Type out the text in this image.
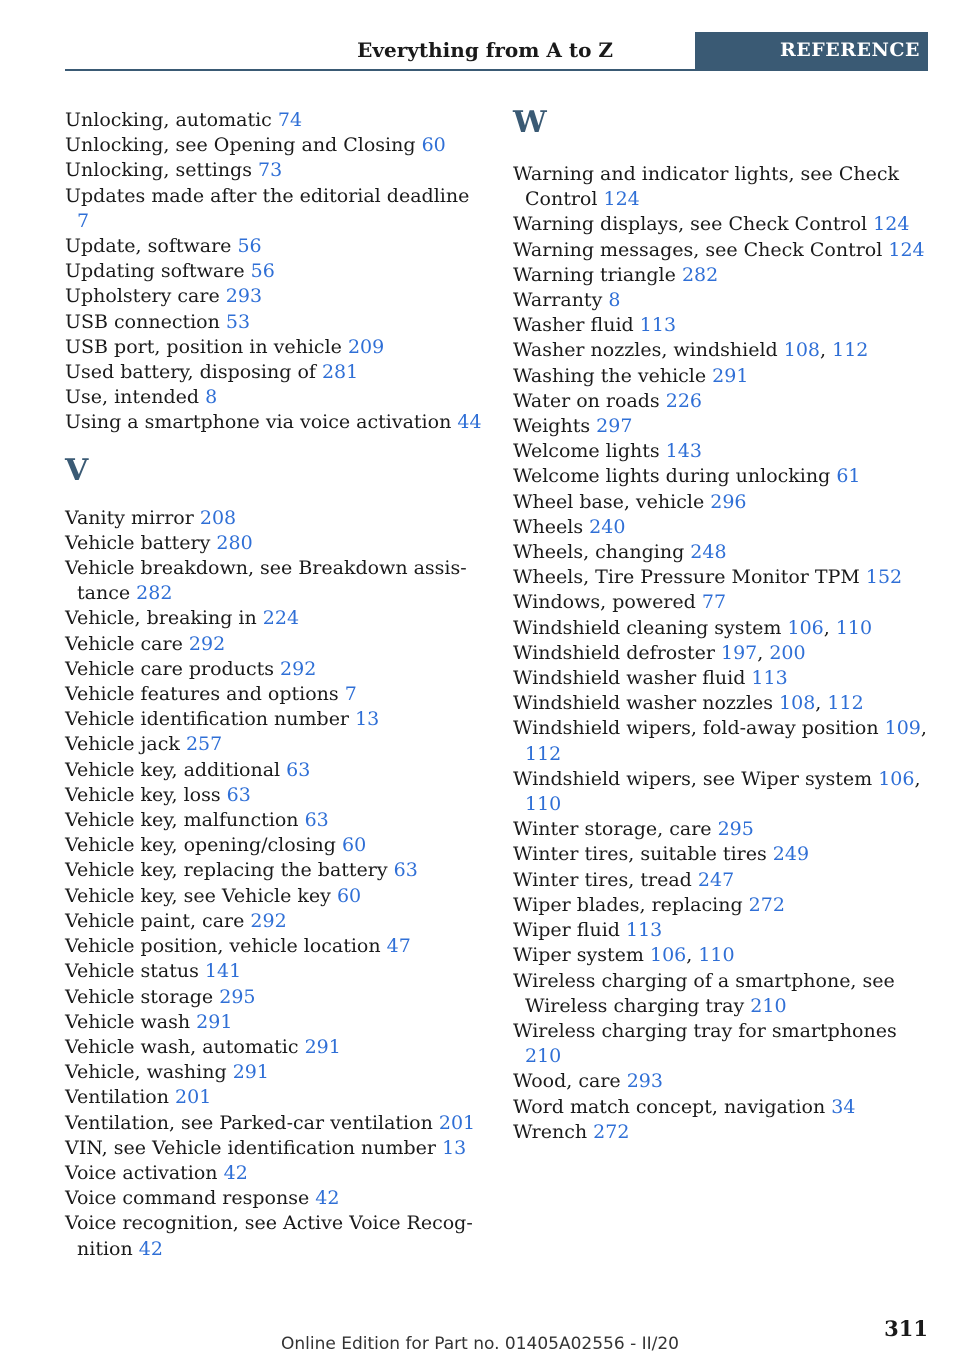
Everything from A to Z	REFERENCE
Unlocking, automatic 74
Unlocking, see Opening and Closing 60
Unlocking, settings 73
Updates made after the editorial deadline 7
Update, software 56
Updating software 56
Upholstery care 293
USB connection 53
USB port, position in vehicle 209
Used battery, disposing of 281
Use, intended 8
Using a smartphone via voice activation 44
V
Vanity mirror 208
Vehicle battery 280
Vehicle breakdown, see Breakdown assistance 282
Vehicle, breaking in 224
Vehicle care 292
Vehicle care products 292
Vehicle features and options 7
Vehicle identification number 13
Vehicle jack 257
Vehicle key, additional 63
Vehicle key, loss 63
Vehicle key, malfunction 63
Vehicle key, opening/closing 60
Vehicle key, replacing the battery 63
Vehicle key, see Vehicle key 60
Vehicle paint, care 292
Vehicle position, vehicle location 47
Vehicle status 141
Vehicle storage 295
Vehicle wash 291
Vehicle wash, automatic 291
Vehicle, washing 291
Ventilation 201
Ventilation, see Parked-car ventilation 201
VIN, see Vehicle identification number 13
Voice activation 42
Voice command response 42
Voice recognition, see Active Voice Recognition 42
W
Warning and indicator lights, see Check Control 124
Warning displays, see Check Control 124
Warning messages, see Check Control 124
Warning triangle 282
Warranty 8
Washer fluid 113
Washer nozzles, windshield 108, 112
Washing the vehicle 291
Water on roads 226
Weights 297
Welcome lights 143
Welcome lights during unlocking 61
Wheel base, vehicle 296
Wheels 240
Wheels, changing 248
Wheels, Tire Pressure Monitor TPM 152
Windows, powered 77
Windshield cleaning system 106, 110
Windshield defroster 197, 200
Windshield washer fluid 113
Windshield washer nozzles 108, 112
Windshield wipers, fold-away position 109, 112
Windshield wipers, see Wiper system 106, 110
Winter storage, care 295
Winter tires, suitable tires 249
Winter tires, tread 247
Wiper blades, replacing 272
Wiper fluid 113
Wiper system 106, 110
Wireless charging of a smartphone, see Wireless charging tray 210
Wireless charging tray for smartphones 210
Wood, care 293
Word match concept, navigation 34
Wrench 272
Online Edition for Part no. 01405A02556 - II/20
311
